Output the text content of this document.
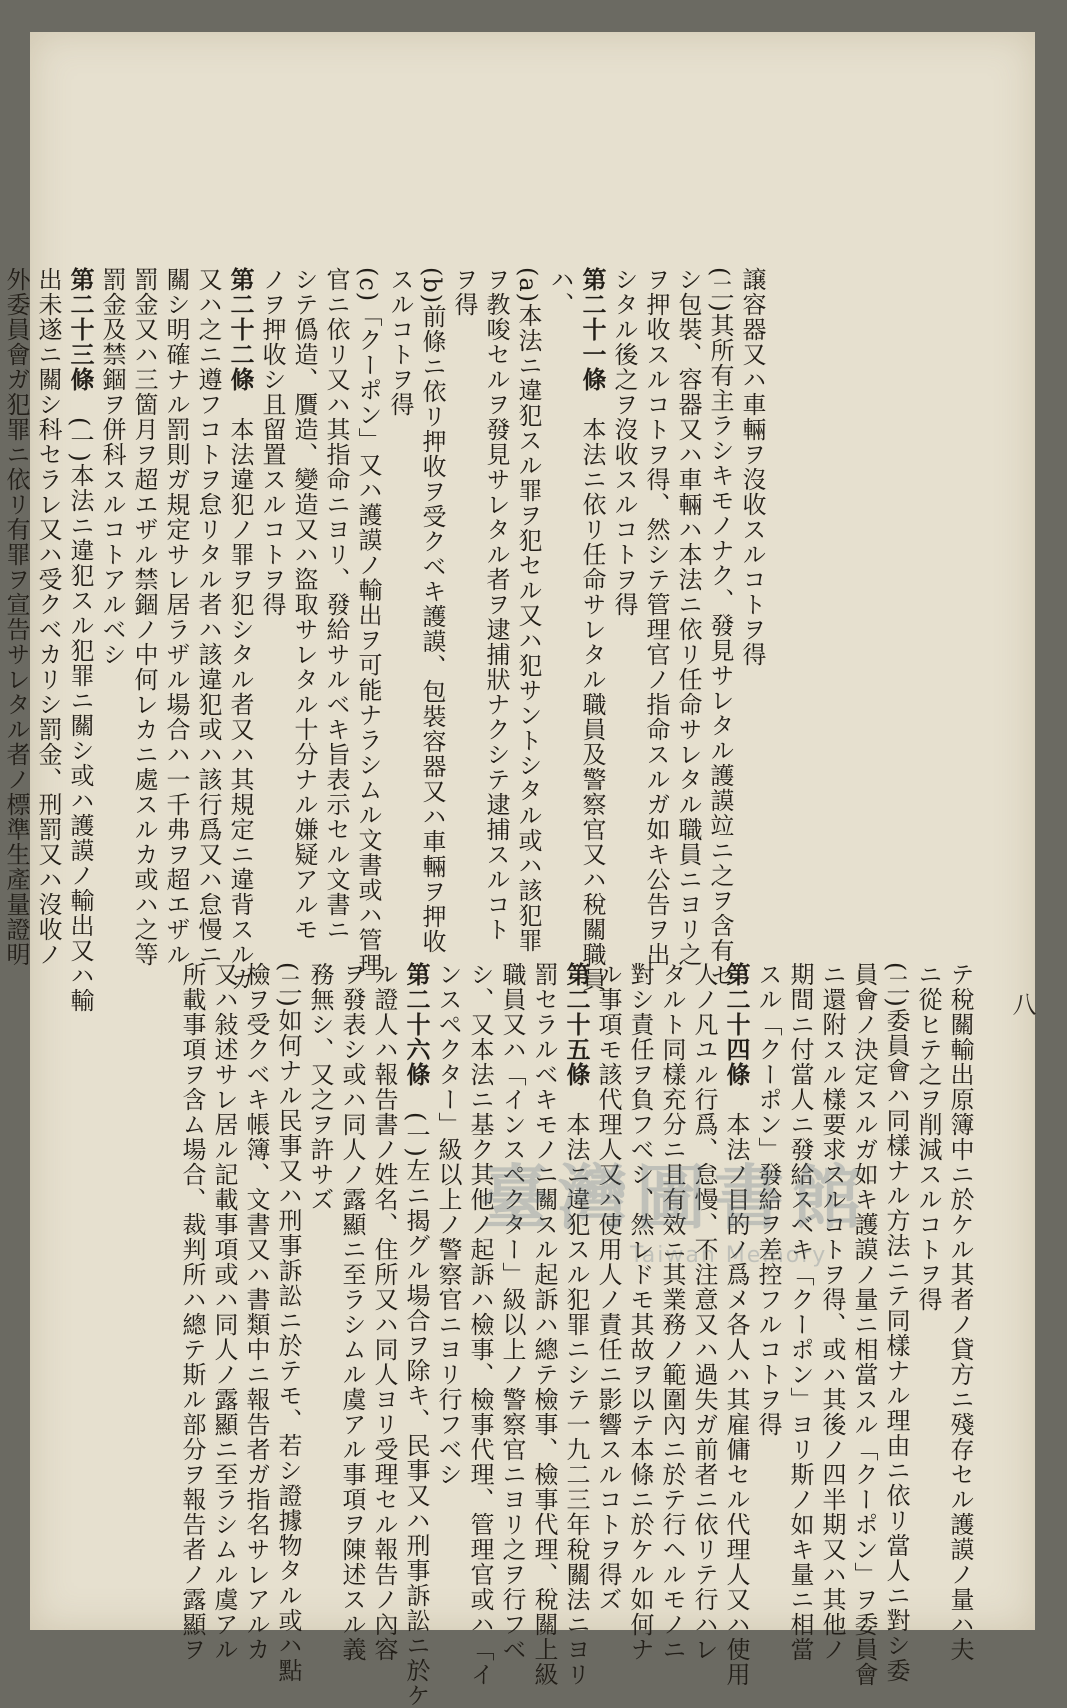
八
譲容器又ハ車輛ヲ沒收スルコトヲ得
(二)其所有主ラシキモノナク、發見サレタル護謨竝ニ之ヲ含有セ
シ包裝、容器又ハ車輛ハ本法ニ依リ任命サレタル職員ニヨリ之
ヲ押收スルコトヲ得、然シテ管理官ノ指命スルガ如キ公告ヲ出
シタル後之ヲ沒收スルコトヲ得
第二十一條　本法ニ依リ任命サレタル職員及警察官又ハ稅關職員
ハ、
(a)本法ニ違犯スル罪ヲ犯セル又ハ犯サントシタル或ハ該犯罪
ヲ教唆セルヲ發見サレタル者ヲ逮捕狀ナクシテ逮捕スルコト
ヲ得
(b)前條ニ依リ押收ヲ受クベキ護謨、包裝容器又ハ車輛ヲ押收
スルコトヲ得
(c)「クーポン」又ハ護謨ノ輸出ヲ可能ナラシムル文書或ハ管理
官ニ依リ又ハ其指命ニヨリ、發給サルベキ旨表示セル文書ニ
シテ僞造、贋造、變造又ハ盜取サレタル十分ナル嫌疑アルモ
ノヲ押收シ且留置スルコトヲ得
第二十二條　本法違犯ノ罪ヲ犯シタル者又ハ其規定ニ違背スルカ
又ハ之ニ遵フコトヲ怠リタル者ハ該違犯或ハ該行爲又ハ怠慢ニ
關シ明確ナル罰則ガ規定サレ居ラザル場合ハ一千弗ヲ超エザル
罰金又ハ三箇月ヲ超エザル禁錮ノ中何レカニ處スルカ或ハ之等
罰金及禁錮ヲ併科スルコトアルベシ
第二十三條　(一)本法ニ違犯スル犯罪ニ關シ或ハ護謨ノ輸出又ハ輸
出未遂ニ關シ科セラレ又ハ受クベカリシ罰金、刑罰又ハ沒收ノ
外委員會ガ犯罪ニ依リ有罪ヲ宣告サレタル者ノ標準生產量證明
テ稅關輸出原簿中ニ於ケル其者ノ貸方ニ殘存セル護謨ノ量ハ夫
ニ從ヒテ之ヲ削減スルコトヲ得
(二)委員會ハ同樣ナル方法ニテ同樣ナル理由ニ依リ當人ニ對シ委
員會ノ決定スルガ如キ護謨ノ量ニ相當スル「クーポン」ヲ委員會
ニ還附スル樣要求スルコトヲ得、或ハ其後ノ四半期又ハ其他ノ
期間ニ付當人ニ發給スベキ「クーポン」ヨリ斯ノ如キ量ニ相當
スル「クーポン」發給ヲ差控フルコトヲ得
第二十四條　本法ノ目的ノ爲メ各人ハ其雇傭セル代理人又ハ使用
人ノ凡ユル行爲、怠慢、不注意又ハ過失ガ前者ニ依リテ行ハレ
タルト同樣充分ニ且有效ニ其業務ノ範圍內ニ於テ行ヘルモノニ
對シ責任ヲ負フベシ、然レドモ其故ヲ以テ本條ニ於ケル如何ナ
ル事項モ該代理人又ハ使用人ノ責任ニ影響スルコトヲ得ズ
第二十五條　本法ニ違犯スル犯罪ニシテ一九二三年稅關法ニヨリ
罰セラルベキモノニ關スル起訴ハ總テ檢事、檢事代理、稅關上級
職員又ハ「インスペクター」級以上ノ警察官ニヨリ之ヲ行フベ
シ、又本法ニ基ク其他ノ起訴ハ檢事、檢事代理、管理官或ハ「イ
ンスペクター」級以上ノ警察官ニヨリ行フベシ
第二十六條　(一)左ニ揭グル場合ヲ除キ、民事又ハ刑事訴訟ニ於ケ
ル證人ハ報告書ノ姓名、住所又ハ同人ヨリ受理セル報告ノ內容
ヲ發表シ或ハ同人ノ露顯ニ至ラシムル虞アル事項ヲ陳述スル義
務無シ、又之ヲ許サズ
(二)如何ナル民事又ハ刑事訴訟ニ於テモ、若シ證據物タル或ハ點
檢ヲ受クベキ帳簿、文書又ハ書類中ニ報告者ガ指名サレアルカ
又ハ敍述サレ居ル記載事項或ハ同人ノ露顯ニ至ラシムル虞アル
所載事項ヲ含ム場合、裁判所ハ總テ斯ル部分ヲ報告者ノ露顯ヲ	臺灣圖書館
Taiwan Memory
